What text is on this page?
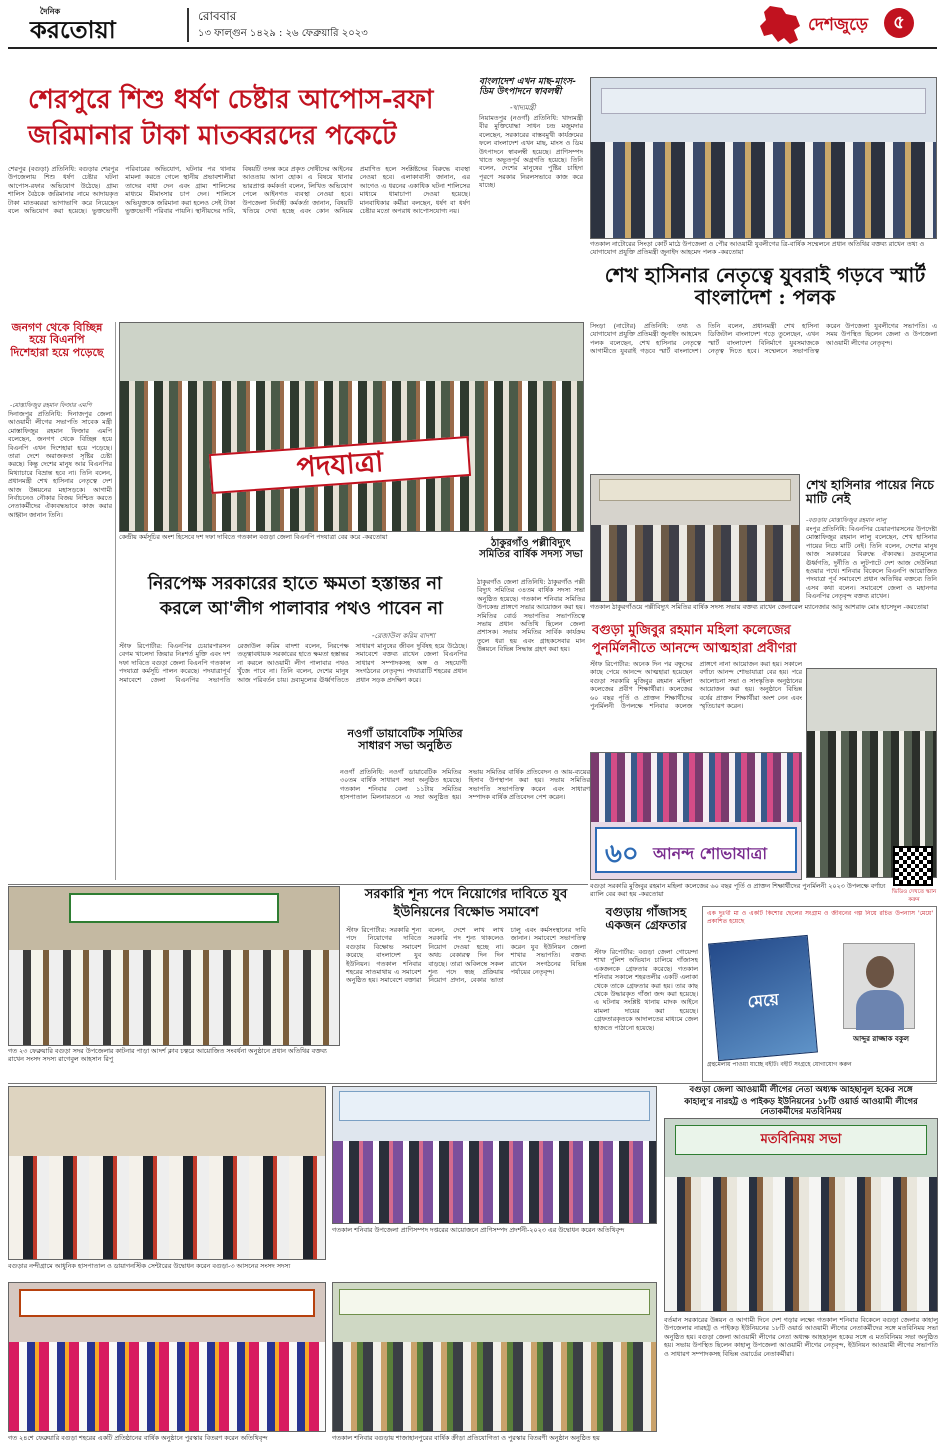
দৈনিক
করতোয়া	রোববার
১৩ ফাল্গুন ১৪২৯ : ২৬ ফেব্রুয়ারি ২০২৩	দেশজুড়ে	৫
শেরপুরে শিশু ধর্ষণ চেষ্টার আপোস-রফা
জরিমানার টাকা মাতব্বরদের পকেটে
শেরপুর (বগুড়া) প্রতিনিধি: বগুড়ার শেরপুর উপজেলায় শিশু ধর্ষণ চেষ্টার ঘটনা আপোস-রফার অভিযোগ উঠেছে। গ্রাম্য শালিস বৈঠকে জরিমানার নামে আদায়কৃত টাকা মাতব্বররা ভাগাভাগি করে নিয়েছেন বলে অভিযোগ করা হয়েছে। ভুক্তভোগী পরিবারের অভিযোগ, ঘটনার পর থানায় মামলা করতে গেলে স্থানীয় প্রভাবশালীরা তাদের বাধা দেন এবং গ্রাম্য শালিসের মাধ্যমে মীমাংসার চাপ দেন। শালিসে অভিযুক্তকে জরিমানা করা হলেও সেই টাকা ভুক্তভোগী পরিবার পায়নি। স্থানীয়দের দাবি, বিষয়টি তদন্ত করে প্রকৃত দোষীদের আইনের আওতায় আনা হোক। এ বিষয়ে থানার ভারপ্রাপ্ত কর্মকর্তা বলেন, লিখিত অভিযোগ পেলে আইনগত ব্যবস্থা নেওয়া হবে। উপজেলা নির্বাহী কর্মকর্তা জানান, বিষয়টি খতিয়ে দেখা হচ্ছে এবং কোন অনিয়ম প্রমাণিত হলে সংশ্লিষ্টদের বিরুদ্ধে ব্যবস্থা নেওয়া হবে। এলাকাবাসী জানান, এর আগেও এ ধরনের একাধিক ঘটনা শালিসের মাধ্যমে ধামাচাপা দেওয়া হয়েছে। মানবাধিকার কর্মীরা বলছেন, ধর্ষণ বা ধর্ষণ চেষ্টার মতো অপরাধ আপোসযোগ্য নয়।
বাংলাদেশ এখন মাছ-মাংস-ডিম উৎপাদনে স্বাবলম্বী
-খাদ্যমন্ত্রী
নিয়ামতপুর (নওগাঁ) প্রতিনিধি: খাদ্যমন্ত্রী বীর মুক্তিযোদ্ধা সাধন চন্দ্র মজুমদার বলেছেন, সরকারের বাস্তবমুখী কার্যক্রমের ফলে বাংলাদেশ এখন মাছ, মাংস ও ডিম উৎপাদনে স্বাবলম্বী হয়েছে। প্রাণিসম্পদ খাতে অভূতপূর্ব অগ্রগতি হয়েছে। তিনি বলেন, দেশের মানুষের পুষ্টির চাহিদা পূরণে সরকার নিরলসভাবে কাজ করে যাচ্ছে।
গতকাল নাটোরের সিংড়া কোর্ট মাঠে উপজেলা ও পৌর আওয়ামী যুবলীগের ত্রি-বার্ষিক সম্মেলনে প্রধান অতিথির বক্তব্য রাখেন তথ্য ও যোগাযোগ প্রযুক্তি প্রতিমন্ত্রী জুনাইদ আহমেদ পলক -করতোয়া
শেখ হাসিনার নেতৃত্বে যুবরাই গড়বে স্মার্ট বাংলাদেশ : পলক
সিংড়া (নাটোর) প্রতিনিধি: তথ্য ও যোগাযোগ প্রযুক্তি প্রতিমন্ত্রী জুনাইদ আহমেদ পলক বলেছেন, শেখ হাসিনার নেতৃত্বে আগামীতে যুবরাই গড়বে স্মার্ট বাংলাদেশ। তিনি বলেন, প্রধানমন্ত্রী শেখ হাসিনা ডিজিটাল বাংলাদেশ গড়ে তুলেছেন, এখন স্মার্ট বাংলাদেশ বিনির্মাণে যুবসমাজকে নেতৃত্ব দিতে হবে। সম্মেলনে সভাপতিত্ব করেন উপজেলা যুবলীগের সভাপতি। এ সময় উপস্থিত ছিলেন জেলা ও উপজেলা আওয়ামী লীগের নেতৃবৃন্দ।
জনগণ থেকে বিচ্ছিন্ন হয়ে বিএনপি দিশেহারা হয়ে পড়েছে
-মোস্তাফিজুর রহমান ফিজার এমপি
দিনাজপুর প্রতিনিধি: দিনাজপুর জেলা আওয়ামী লীগের সভাপতি সাবেক মন্ত্রী মোস্তাফিজুর রহমান ফিজার এমপি বলেছেন, জনগণ থেকে বিচ্ছিন্ন হয়ে বিএনপি এখন দিশেহারা হয়ে পড়েছে। তারা দেশে অরাজকতা সৃষ্টির চেষ্টা করছে। কিন্তু দেশের মানুষ আর বিএনপির মিথ্যাচারে বিভ্রান্ত হবে না। তিনি বলেন, প্রধানমন্ত্রী শেখ হাসিনার নেতৃত্বে দেশ আজ উন্নয়নের মহাসড়কে। আগামী নির্বাচনেও নৌকার বিজয় নিশ্চিত করতে নেতাকর্মীদের ঐক্যবদ্ধভাবে কাজ করার আহ্বান জানান তিনি।
পদযাত্রা
কেন্দ্রীয় কর্মসূচির অংশ হিসেবে দশ দফা দাবিতে গতকাল বগুড়া জেলা বিএনপি পদযাত্রা বের করে -করতোয়া
নিরপেক্ষ সরকারের হাতে ক্ষমতা হস্তান্তর না
করলে আ'লীগ পালাবার পথও পাবেন না
-রেজাউল করিম বাদশা
স্টাফ রিপোর্টার: বিএনপির চেয়ারপারসন বেগম খালেদা জিয়ার নিঃশর্ত মুক্তি এবং দশ দফা দাবিতে বগুড়া জেলা বিএনপি গতকাল পদযাত্রা কর্মসূচি পালন করেছে। পদযাত্রাপূর্ব সমাবেশে জেলা বিএনপির সভাপতি রেজাউল করিম বাদশা বলেন, নিরপেক্ষ তত্ত্বাবধায়ক সরকারের হাতে ক্ষমতা হস্তান্তর না করলে আওয়ামী লীগ পালাবার পথও খুঁজে পাবে না। তিনি বলেন, দেশের মানুষ আজ পরিবর্তন চায়। দ্রব্যমূল্যের ঊর্ধ্বগতিতে সাধারণ মানুষের জীবন দুর্বিষহ হয়ে উঠেছে। সমাবেশে বক্তব্য রাখেন জেলা বিএনপির সাধারণ সম্পাদকসহ অঙ্গ ও সহযোগী সংগঠনের নেতৃবৃন্দ। পদযাত্রাটি শহরের প্রধান প্রধান সড়ক প্রদক্ষিণ করে।
নওগাঁ ডায়াবেটিক সমিতির সাধারণ সভা অনুষ্ঠিত
নওগাঁ প্রতিনিধি: নওগাঁ ডায়াবেটিক সমিতির ৩০তম বার্ষিক সাধারণ সভা অনুষ্ঠিত হয়েছে। গতকাল শনিবার বেলা ১১টায় সমিতির হাসপাতাল মিলনায়তনে এ সভা অনুষ্ঠিত হয়। সভায় সমিতির বার্ষিক প্রতিবেদন ও আয়-ব্যয়ের হিসাব উপস্থাপন করা হয়। সভায় সমিতির সভাপতি সভাপতিত্ব করেন এবং সাধারণ সম্পাদক বার্ষিক প্রতিবেদন পেশ করেন।
ঠাকুরগাঁও পল্লীবিদ্যুৎ সমিতির বার্ষিক সদস্য সভা
ঠাকুরগাঁও জেলা প্রতিনিধি: ঠাকুরগাঁও পল্লী বিদ্যুৎ সমিতির ৩৪তম বার্ষিক সদস্য সভা অনুষ্ঠিত হয়েছে। গতকাল শনিবার সমিতির উপকেন্দ্র প্রাঙ্গণে সভার আয়োজন করা হয়। সমিতির বোর্ড সভাপতির সভাপতিত্বে সভায় প্রধান অতিথি ছিলেন জেলা প্রশাসক। সভায় সমিতির সার্বিক কার্যক্রম তুলে ধরা হয় এবং গ্রাহকসেবার মান উন্নয়নে বিভিন্ন সিদ্ধান্ত গ্রহণ করা হয়।
গতকাল ঠাকুরগাঁওয়ে পল্লীবিদ্যুৎ সমিতির বার্ষিক সদস্য সভায় বক্তব্য রাখেন জেনারেল ম্যানেজার আবু আশরাফ মোঃ হাসেদুল -করতোয়া
শেখ হাসিনার পায়ের নিচে মাটি নেই
-বগুড়ায় মোস্তাফিজুর রহমান লালু
রংপুর প্রতিনিধি: বিএনপির চেয়ারপারসনের উপদেষ্টা মোস্তাফিজুর রহমান লালু বলেছেন, শেখ হাসিনার পায়ের নিচে মাটি নেই। তিনি বলেন, দেশের মানুষ আজ সরকারের বিরুদ্ধে ঐক্যবদ্ধ। দ্রব্যমূল্যের ঊর্ধ্বগতি, দুর্নীতি ও লুটপাটে দেশ আজ দেউলিয়া হওয়ার পথে। শনিবার বিকেলে বিএনপি আয়োজিত পদযাত্রা পূর্ব সমাবেশে প্রধান অতিথির বক্তব্যে তিনি এসব কথা বলেন। সমাবেশে জেলা ও মহানগর বিএনপির নেতৃবৃন্দ বক্তব্য রাখেন।
বগুড়া মুজিবুর রহমান মহিলা কলেজের
পুনর্মিলনীতে আনন্দে আত্মহারা প্রবীণরা
স্টাফ রিপোর্টার: অনেক দিন পর বন্ধুদের কাছে পেয়ে আনন্দে আত্মহারা হয়েছেন বগুড়া সরকারি মুজিবুর রহমান মহিলা কলেজের প্রবীণ শিক্ষার্থীরা। কলেজের ৬০ বছর পূর্তি ও প্রাক্তন শিক্ষার্থীদের পুনর্মিলনী উপলক্ষে শনিবার কলেজ প্রাঙ্গণে নানা আয়োজন করা হয়। সকালে বর্ণাঢ্য আনন্দ শোভাযাত্রা বের হয়। পরে আলোচনা সভা ও সাংস্কৃতিক অনুষ্ঠানের আয়োজন করা হয়। অনুষ্ঠানে বিভিন্ন বর্ষের প্রাক্তন শিক্ষার্থীরা অংশ নেন এবং স্মৃতিচারণ করেন।
৬০ আনন্দ শোভাযাত্রা
ভিডিও দেখতে স্ক্যান করুন
বগুড়া সরকারি মুজিবুর রহমান মহিলা কলেজের ৬০ বছর পূর্তি ও প্রাক্তন শিক্ষার্থীদের পুনর্মিলনী ২০২৩ উপলক্ষে বর্ণাঢ্য র‍্যালি বের করা হয় -করতোয়া
গত ২৩ ফেব্রুয়ারি বগুড়া সদর উপজেলার কাটনার পাড়া আদর্শ ক্লাব চত্বরে আয়োজিত সংবর্ধনা অনুষ্ঠানে প্রধান অতিথির বক্তব্য রাখেন সংসদ সদস্য রাগেবুল আহসান রিপু
সরকারি শূন্য পদে নিয়োগের দাবিতে যুব
ইউনিয়নের বিক্ষোভ সমাবেশ
স্টাফ রিপোর্টার: সরকারি শূন্য পদে নিয়োগের দাবিতে বগুড়ায় বিক্ষোভ সমাবেশ করেছে বাংলাদেশ যুব ইউনিয়ন। গতকাল শনিবার শহরের সাতমাথায় এ সমাবেশ অনুষ্ঠিত হয়। সমাবেশে বক্তারা বলেন, দেশে লাখ লাখ সরকারি পদ শূন্য থাকলেও নিয়োগ দেওয়া হচ্ছে না। অথচ বেকারত্ব দিন দিন বাড়ছে। তারা অবিলম্বে সকল শূন্য পদে স্বচ্ছ প্রক্রিয়ায় নিয়োগ প্রদান, বেকার ভাতা চালু এবং কর্মসংস্থানের দাবি জানান। সমাবেশে সভাপতিত্ব করেন যুব ইউনিয়ন জেলা শাখার সভাপতি। বক্তব্য রাখেন সংগঠনের বিভিন্ন পর্যায়ের নেতৃবৃন্দ।
বগুড়ায় গাঁজাসহ একজন গ্রেফতার
স্টাফ রিপোর্টার: বগুড়া জেলা গোয়েন্দা শাখা পুলিশ অভিযান চালিয়ে গাঁজাসহ একজনকে গ্রেফতার করেছে। গতকাল শনিবার সকালে শহরতলীর একটি এলাকা থেকে তাকে গ্রেফতার করা হয়। তার কাছ থেকে উদ্ধারকৃত গাঁজা জব্দ করা হয়েছে। এ ঘটনায় সংশ্লিষ্ট থানায় মাদক আইনে মামলা দায়ের করা হয়েছে। গ্রেফতারকৃতকে আদালতের মাধ্যমে জেল হাজতে পাঠানো হয়েছে।
এক দুঃখী মা ও একটি কিশোর ছেলের সংগ্রাম ও জীবনের গল্প নিয়ে রচিত উপন্যাস 'মেয়ে' প্রকাশিত হয়েছে
মেয়ে
আব্দুর রাজ্জাক বকুল
গ্রন্থমেলায় পাওয়া যাচ্ছে বইটি। বইটি সংগ্রহে যোগাযোগ করুন
বগুড়ার নন্দীগ্রামে আধুনিক হাসপাতাল ও ডায়াগনস্টিক সেন্টারের উদ্বোধন করেন বগুড়া-৩ আসনের সংসদ সদস্য
গত ২৪শে ফেব্রুয়ারি বগুড়া শহরের একটি প্রতিষ্ঠানের বার্ষিক অনুষ্ঠানে পুরস্কার বিতরণ করেন অতিথিবৃন্দ
গতকাল শনিবার উপজেলা প্রাণিসম্পদ দপ্তরের আয়োজনে প্রাণিসম্পদ প্রদর্শনী-২০২৩ এর উদ্বোধন করেন অতিথিবৃন্দ
গতকাল শনিবার বগুড়ায় শাজাহানপুরের বার্ষিক ক্রীড়া প্রতিযোগিতা ও পুরস্কার বিতরণী অনুষ্ঠান অনুষ্ঠিত হয়
বগুড়া জেলা আওয়ামী লীগের নেতা অধ্যক্ষ আহছানুল হকের সঙ্গে
কাহালু'র নারহট্ট ও পাইকড় ইউনিয়নের ১৮টি ওয়ার্ড আওয়ামী লীগের নেতাকর্মীদের মতবিনিময়
মতবিনিময় সভা
বর্তমান সরকারের উন্নয়ন ও আগামী দিনে দেশ গড়ার লক্ষ্যে গতকাল শনিবার বিকেলে বগুড়া জেলার কাহালু উপজেলার নারহট্ট ও পাইকড় ইউনিয়নের ১৮টি ওয়ার্ড আওয়ামী লীগের নেতাকর্মীদের সঙ্গে মতবিনিময় সভা অনুষ্ঠিত হয়। বগুড়া জেলা আওয়ামী লীগের নেতা অধ্যক্ষ আহছানুল হকের সঙ্গে এ মতবিনিময় সভা অনুষ্ঠিত হয়। সভায় উপস্থিত ছিলেন কাহালু উপজেলা আওয়ামী লীগের নেতৃবৃন্দ, ইউনিয়ন আওয়ামী লীগের সভাপতি ও সাধারণ সম্পাদকসহ বিভিন্ন ওয়ার্ডের নেতাকর্মীরা।
